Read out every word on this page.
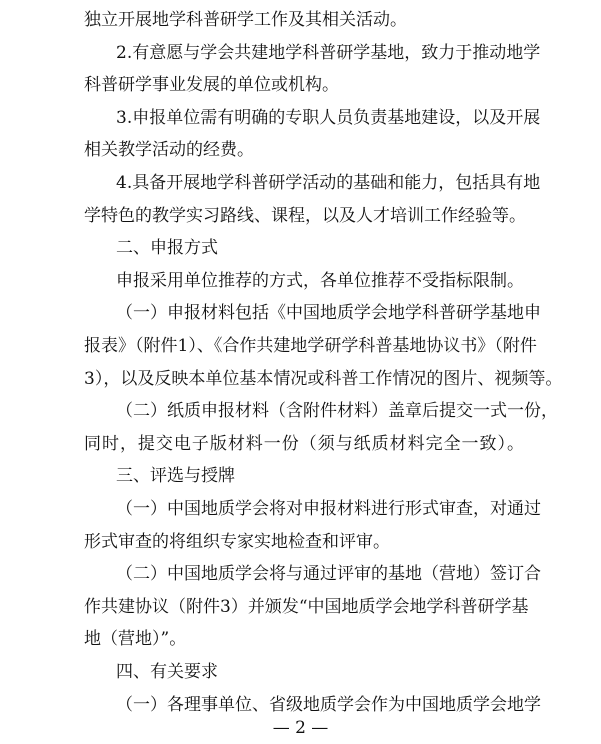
独立开展地学科普研学工作及其相关活动。
2.有意愿与学会共建地学科普研学基地，致力于推动地学
科普研学事业发展的单位或机构。
3.申报单位需有明确的专职人员负责基地建设，以及开展
相关教学活动的经费。
4.具备开展地学科普研学活动的基础和能力，包括具有地
学特色的教学实习路线、课程，以及人才培训工作经验等。
二、申报方式
申报采用单位推荐的方式，各单位推荐不受指标限制。
（一）申报材料包括《中国地质学会地学科普研学基地申
报表》（附件1）、《合作共建地学研学科普基地协议书》（附件
3），以及反映本单位基本情况或科普工作情况的图片、视频等。
（二）纸质申报材料（含附件材料）盖章后提交一式一份，
同时，提交电子版材料一份（须与纸质材料完全一致）。
三、评选与授牌
（一）中国地质学会将对申报材料进行形式审查，对通过
形式审查的将组织专家实地检查和评审。
（二）中国地质学会将与通过评审的基地（营地）签订合
作共建协议（附件3）并颁发“中国地质学会地学科普研学基
地（营地）”。
四、有关要求
（一）各理事单位、省级地质学会作为中国地质学会地学
— 2 —
